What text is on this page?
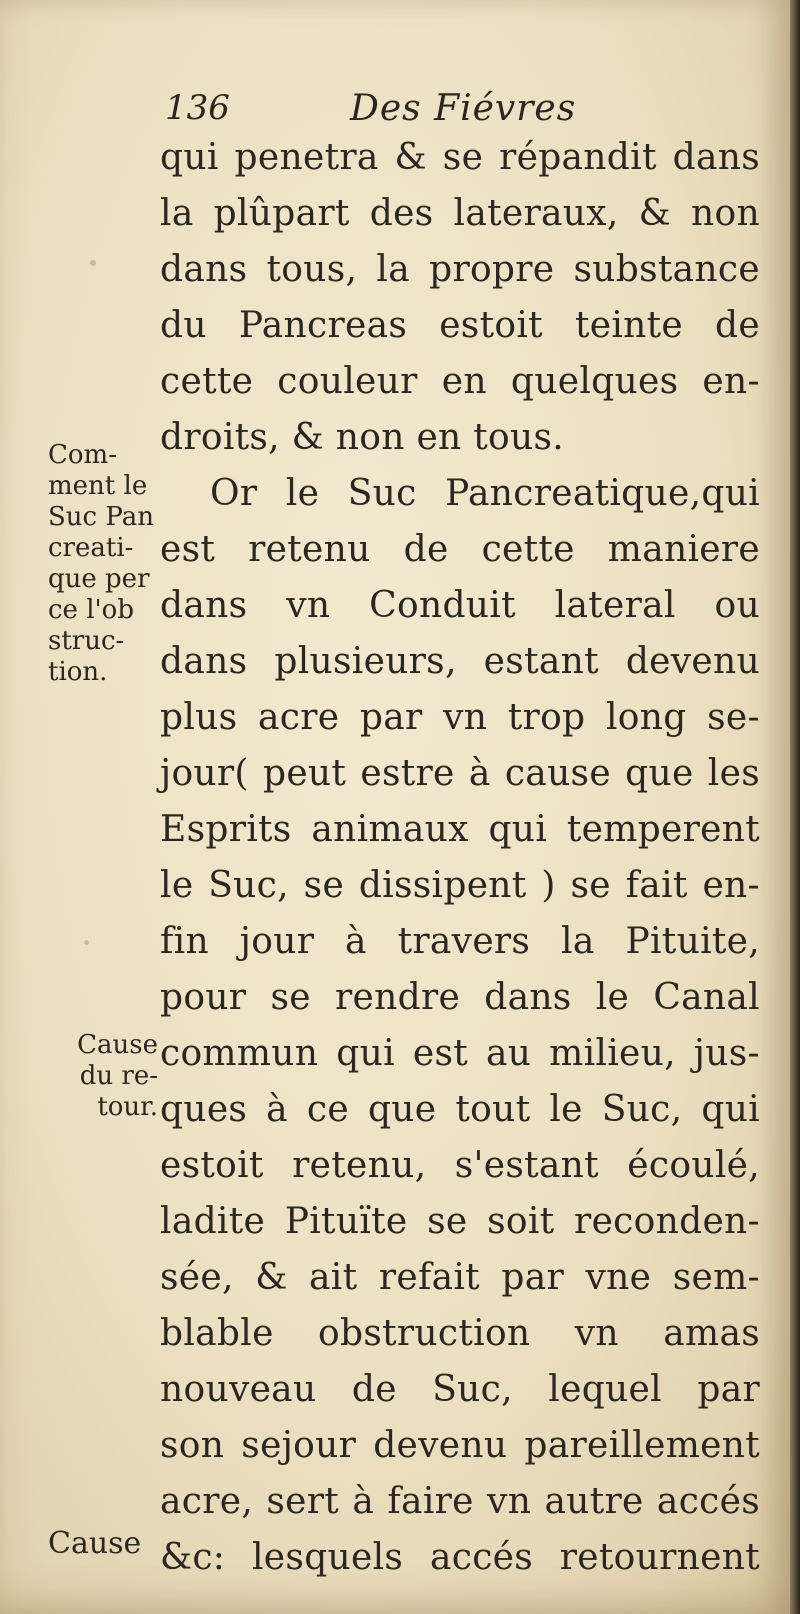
136	Des Fiévres
qui penetra & se répandit dans
la plûpart des lateraux, & non
dans tous, la propre substance
du Pancreas estoit teinte de
cette couleur en quelques en-
droits, & non en tous.
Or le Suc Pancreatique,qui
est retenu de cette maniere
dans vn Conduit lateral ou
dans plusieurs, estant devenu
plus acre par vn trop long se-
jour( peut estre à cause que les
Esprits animaux qui temperent
le Suc, se dissipent ) se fait en-
fin jour à travers la Pituite,
pour se rendre dans le Canal
commun qui est au milieu, jus-
ques à ce que tout le Suc, qui
estoit retenu, s'estant écoulé,
ladite Pituïte se soit reconden-
sée, & ait refait par vne sem-
blable obstruction vn amas
nouveau de Suc, lequel par
son sejour devenu pareillement
acre, sert à faire vn autre accés
&c: lesquels accés retournent
Com-
ment le
Suc Pan
creati-
que per
ce l'ob
struc-
tion.
Cause
du re-
tour.
Cause
